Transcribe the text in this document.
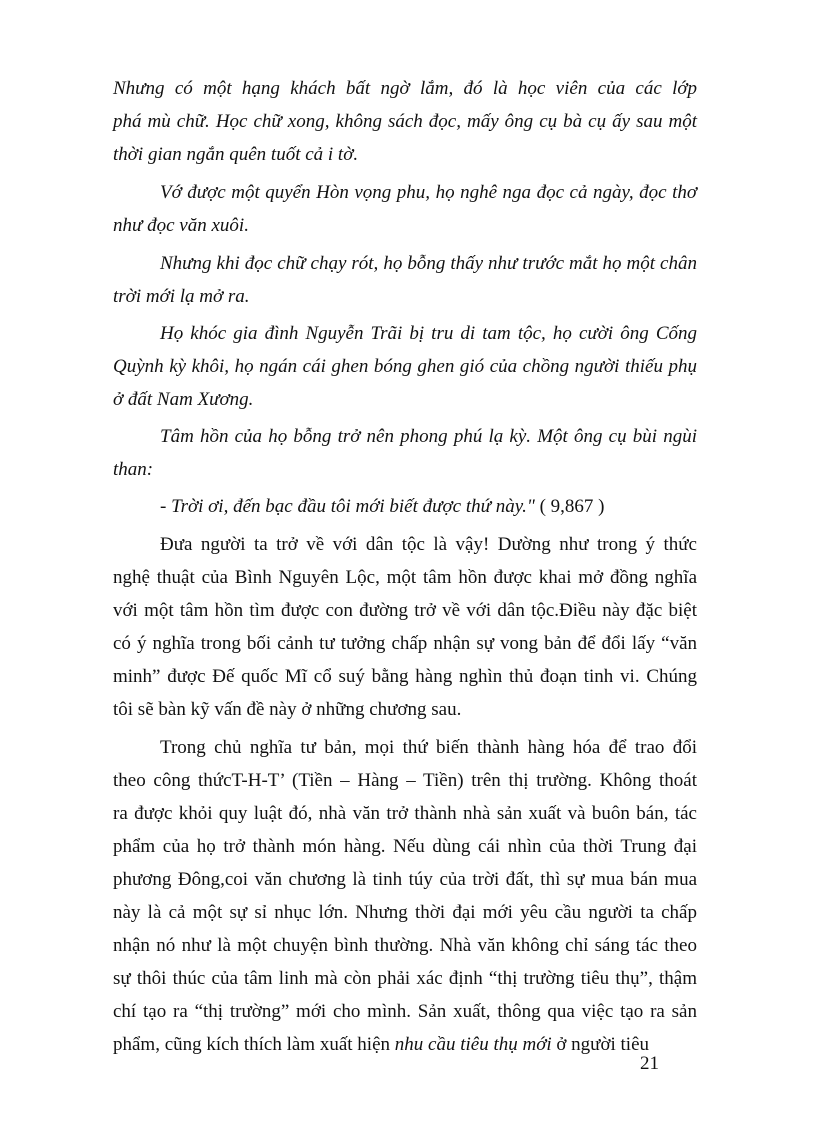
Nhưng có một hạng khách bất ngờ lắm, đó là học viên của các lớp
phá mù chữ. Học chữ xong, không sách đọc, mấy ông cụ bà cụ ấy sau một
thời gian ngắn quên tuốt cả i tờ.
Vớ được một quyển Hòn vọng phu, họ nghê nga đọc cả ngày, đọc thơ
như đọc văn xuôi.
Nhưng khi đọc chữ chạy rót, họ bỗng thấy như trước mắt họ một chân
trời mới lạ mở ra.
Họ khóc gia đình Nguyễn Trãi bị tru di tam tộc, họ cười ông Cống
Quỳnh kỳ khôi, họ ngán cái ghen bóng ghen gió của chồng người thiếu phụ
ở đất Nam Xương.
Tâm hồn của họ bỗng trở nên phong phú lạ kỳ. Một ông cụ bùi ngùi
than:
- Trời ơi, đến bạc đầu tôi mới biết được thứ này." ( 9,867 )
Đưa người ta trở về với dân tộc là vậy! Dường như trong ý thức
nghệ thuật của Bình Nguyên Lộc, một tâm hồn được khai mở đồng nghĩa
với một tâm hồn tìm được con đường trở về với dân tộc.Điều này đặc biệt
có ý nghĩa trong bối cảnh tư tưởng chấp nhận sự vong bản để đổi lấy “văn
minh” được Đế quốc Mĩ cổ suý bằng hàng nghìn thủ đoạn tinh vi. Chúng
tôi sẽ bàn kỹ vấn đề này ở những chương sau.
Trong chủ nghĩa tư bản, mọi thứ biến thành hàng hóa để trao đổi
theo công thứcT-H-T’ (Tiền – Hàng – Tiền) trên thị trường. Không thoát
ra được khỏi quy luật đó, nhà văn trở thành nhà sản xuất và buôn bán, tác
phẩm của họ trở thành món hàng. Nếu dùng cái nhìn của thời Trung đại
phương Đông,coi văn chương là tinh túy của trời đất, thì sự mua bán mua
này là cả một sự sỉ nhục lớn. Nhưng thời đại mới yêu cầu người ta chấp
nhận nó như là một chuyện bình thường. Nhà văn không chỉ sáng tác theo
sự thôi thúc của tâm linh mà còn phải xác định “thị trường tiêu thụ”, thậm
chí tạo ra “thị trường” mới cho mình. Sản xuất, thông qua việc tạo ra sản
phẩm, cũng kích thích làm xuất hiện nhu cầu tiêu thụ mới ở người tiêu
21
